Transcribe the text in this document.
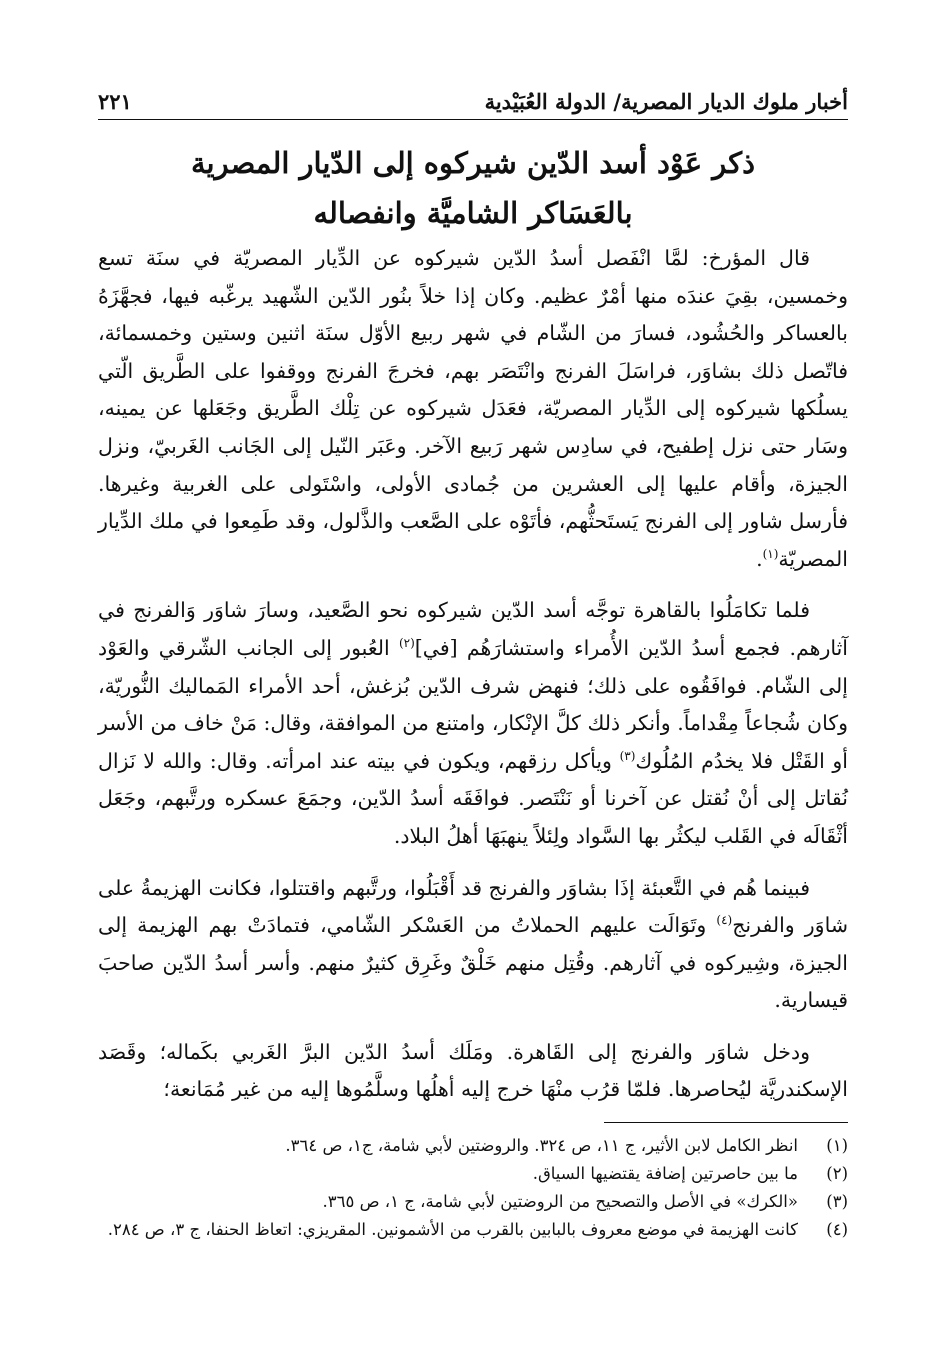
أخبار ملوك الديار المصرية/ الدولة العُبَيْدية
٢٢١
ذكر عَوْد أسد الدّين شيركوه إلى الدّيار المصرية
بالعَسَاكر الشاميَّة وانفصاله

قال المؤرخ: لمَّا انْفَصل أسدُ الدّين شيركوه عن الدِّيار المصريّة في سنَة تسع وخمسين، بقِيَ عندَه منها أمْرٌ عظيم. وكان إذا خلاً بنُور الدّين الشّهيد يرغّبه فيها، فجهَّزَهُ بالعساكر والحُشُود، فسارَ من الشّام في شهر ربيع الأوّل سنَة اثنين وستين وخمسمائة، فاتّصل ذلك بشاوَر، فراسَلَ الفرنج وانْتَصَر بهم، فخرجَ الفرنج ووقفوا على الطَّريق الّتي يسلُكها شيركوه إلى الدِّيار المصريّة، فعَدَل شيركوه عن تِلْك الطَّريق وجَعَلها عن يمينه، وسَار حتى نزل إطفيح، في سادِس شهر رَبيع الآخر. وعَبَر النّيل إلى الجَانب الغَربيّ، ونزل الجيزة، وأقام عليها إلى العشرين من جُمادى الأولى، واسْتَولى على الغربية وغيرها. فأرسل شاور إلى الفرنج يَستَحثُّهم، فأتَوْه على الصَّعب والذَّلول، وقد طَمِعوا في ملك الدِّيار المصريّة$^{(١)}$.

فلما تكامَلُوا بالقاهرة توجَّه أسد الدّين شيركوه نحو الصَّعيد، وسارَ شاوَر وَالفرنج في آثارهم. فجمع أسدُ الدّين الأُمراء واستشارَهُم [في]$^{(٢)}$ العُبور إلى الجانب الشّرقي والعَوْد إلى الشّام. فوافَقُوه على ذلك؛ فنهض شرف الدّين بُزغش، أحد الأمراء المَماليك النُّوريّة، وكان شُجاعاً مِقْداماً. وأنكر ذلك كلَّ الإنْكار، وامتنع من الموافقة، وقال: مَنْ خاف من الأسر أو القَتْل فلا يخدُم المُلُوك$^{(٣)}$ ويأكل رزقهم، ويكون في بيته عند امرأته. وقال: والله لا نَزال نُقاتل إلى أنْ نُقتل عن آخرنا أو نَنْتَصر. فوافَقَه أسدُ الدّين، وجمَعَ عسكره ورتَّبهم، وجَعَل أثْقَالَه في القَلب ليكثُر بها السَّواد ولِئلاً ينهبَهَا أهلُ البلاد.

فبينما هُم في التَّعبئة إذَا بشاوَر والفرنج قد أَقْبَلُوا، ورتَّبهم واقتتلوا، فكانت الهزيمةُ على شاوَر والفرنج$^{(٤)}$ وتَوَالَت عليهم الحملاتُ من العَسْكر الشّامي، فتمادَتْ بهم الهزيمة إلى الجيزة، وشِيركوه في آثارهم. وقُتِل منهم خَلْقٌ وغَرِق كثيرٌ منهم. وأسر أسدُ الدّين صاحبَ قيسارية.

ودخل شاوَر والفرنج إلى القَاهرة. ومَلَك أسدُ الدّين البرَّ الغَربي بكَماله؛ وقَصَد الإسكندريَّة ليُحاصرها. فلمّا قرُب منْهَا خرج إليه أهلُها وسلَّمُوها إليه من غير مُمَانعة؛

(١)
انظر الكامل لابن الأثير، ج ١١، ص ٣٢٤. والروضتين لأبي شامة، ج١، ص ٣٦٤.
(٢)
ما بين حاصرتين إضافة يقتضيها السياق.
(٣)
«الكرك» في الأصل والتصحيح من الروضتين لأبي شامة، ج ١، ص ٣٦٥.
(٤)
كانت الهزيمة في موضع معروف بالبابين بالقرب من الأشمونين. المقريزي: اتعاظ الحنفا، ج ٣، ص ٢٨٤.
